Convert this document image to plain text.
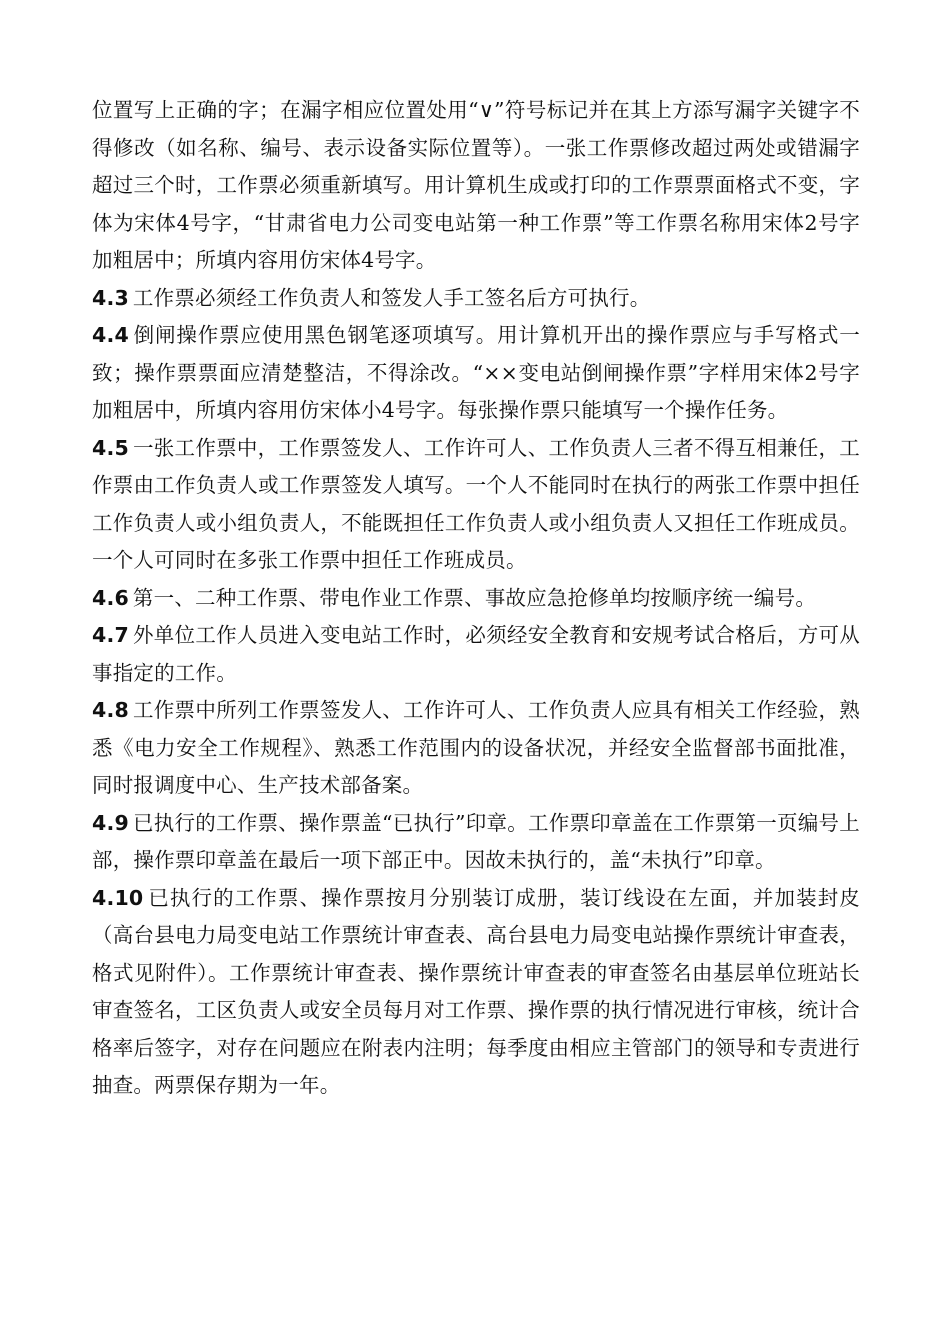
位置写上正确的字；在漏字相应位置处用“∨”符号标记并在其上方添写漏字关键字不得修改（如名称、编号、表示设备实际位置等）。一张工作票修改超过两处或错漏字超过三个时，工作票必须重新填写。用计算机生成或打印的工作票票面格式不变，字体为宋体4号字，“甘肃省电力公司变电站第一种工作票”等工作票名称用宋体2号字加粗居中；所填内容用仿宋体4号字。

4.3 工作票必须经工作负责人和签发人手工签名后方可执行。

4.4 倒闸操作票应使用黑色钢笔逐项填写。用计算机开出的操作票应与手写格式一致；操作票票面应清楚整洁，不得涂改。“××变电站倒闸操作票”字样用宋体2号字加粗居中，所填内容用仿宋体小4号字。每张操作票只能填写一个操作任务。

4.5 一张工作票中，工作票签发人、工作许可人、工作负责人三者不得互相兼任，工作票由工作负责人或工作票签发人填写。一个人不能同时在执行的两张工作票中担任工作负责人或小组负责人，不能既担任工作负责人或小组负责人又担任工作班成员。一个人可同时在多张工作票中担任工作班成员。

4.6 第一、二种工作票、带电作业工作票、事故应急抢修单均按顺序统一编号。

4.7 外单位工作人员进入变电站工作时，必须经安全教育和安规考试合格后，方可从事指定的工作。

4.8 工作票中所列工作票签发人、工作许可人、工作负责人应具有相关工作经验，熟悉《电力安全工作规程》、熟悉工作范围内的设备状况，并经安全监督部书面批准，同时报调度中心、生产技术部备案。

4.9 已执行的工作票、操作票盖“已执行”印章。工作票印章盖在工作票第一页编号上部，操作票印章盖在最后一项下部正中。因故未执行的，盖“未执行”印章。

4.10 已执行的工作票、操作票按月分别装订成册，装订线设在左面，并加装封皮（高台县电力局变电站工作票统计审查表、高台县电力局变电站操作票统计审查表，格式见附件）。工作票统计审查表、操作票统计审查表的审查签名由基层单位班站长审查签名，工区负责人或安全员每月对工作票、操作票的执行情况进行审核，统计合格率后签字，对存在问题应在附表内注明；每季度由相应主管部门的领导和专责进行抽查。两票保存期为一年。
